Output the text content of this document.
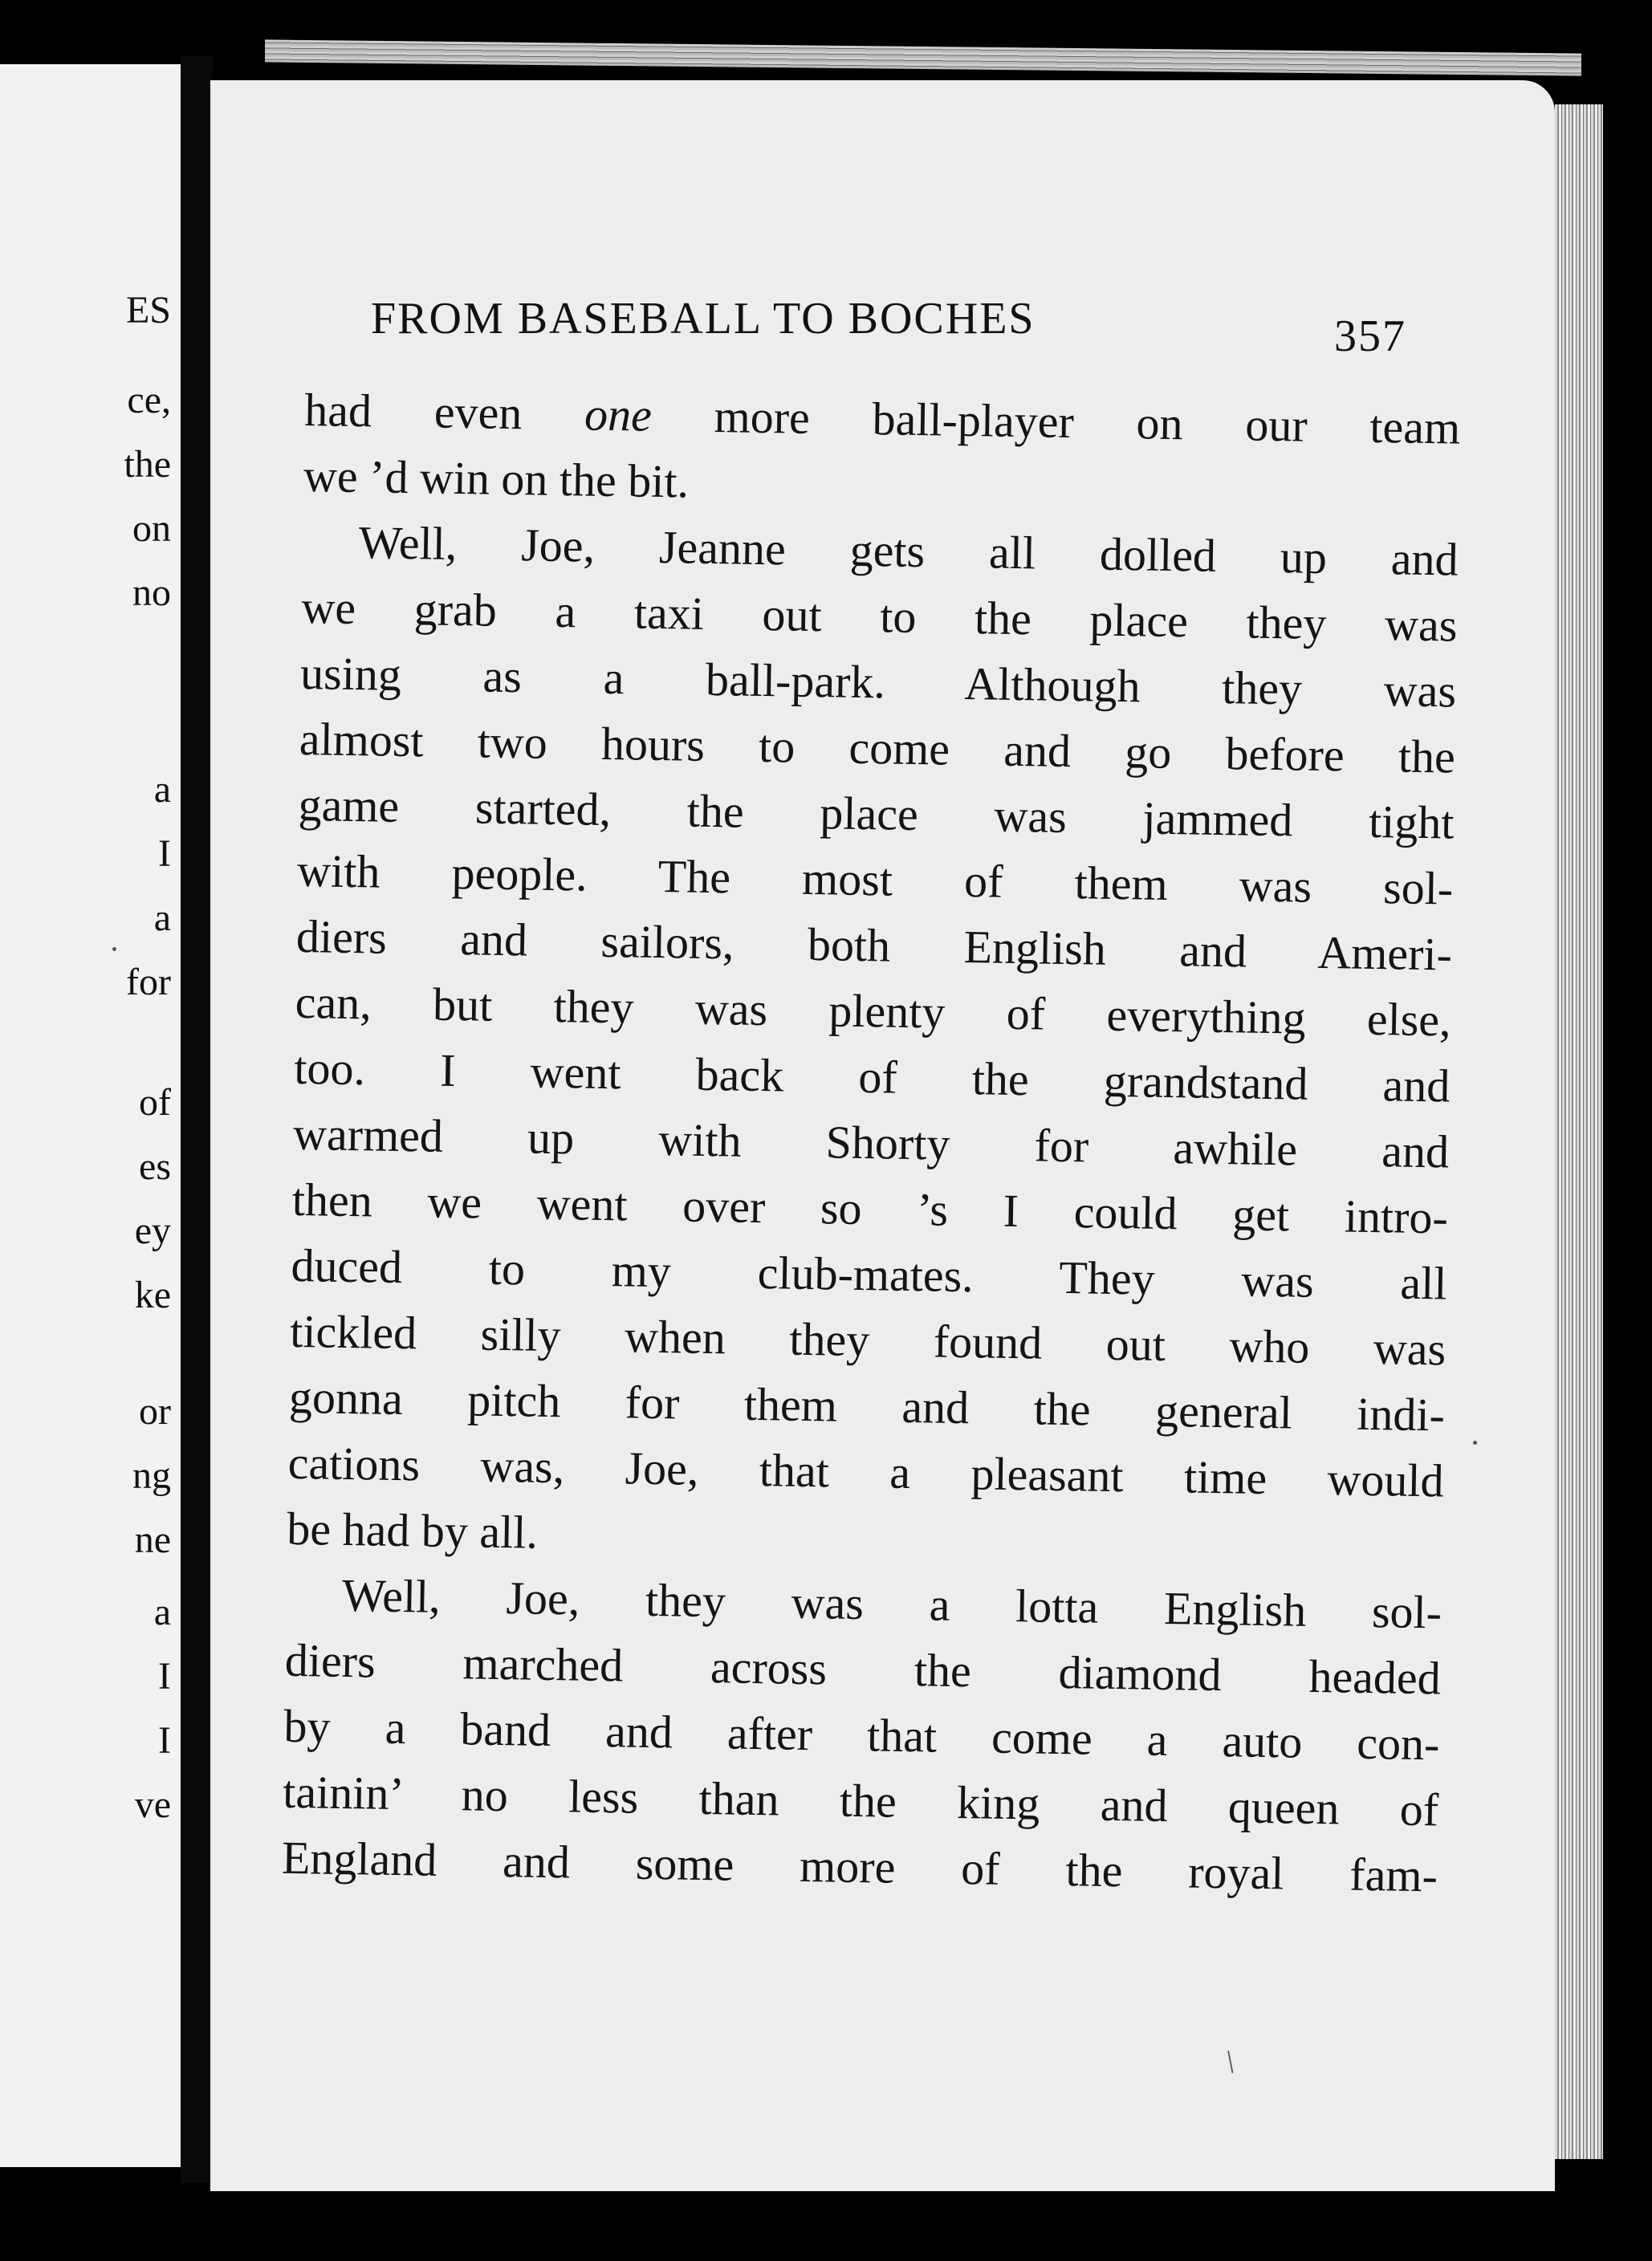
ES
ce,
the
on
no
a
I
a
for
of
es
ey
ke
or
ng
ne
a
I
I
ve
FROM BASEBALL TO BOCHES	357
had even one more ball-player on our team
we ’d win on the bit.
Well, Joe, Jeanne gets all dolled up and
we grab a taxi out to the place they was
using as a ball-park. Although they was
almost two hours to come and go before the
game started, the place was jammed tight
with people. The most of them was sol-
diers and sailors, both English and Ameri-
can, but they was plenty of everything else,
too. I went back of the grandstand and
warmed up with Shorty for awhile and
then we went over so ’s I could get intro-
duced to my club-mates. They was all
tickled silly when they found out who was
gonna pitch for them and the general indi-
cations was, Joe, that a pleasant time would
be had by all.
Well, Joe, they was a lotta English sol-
diers marched across the diamond headed
by a band and after that come a auto con-
tainin’ no less than the king and queen of
England and some more of the royal fam-
/
